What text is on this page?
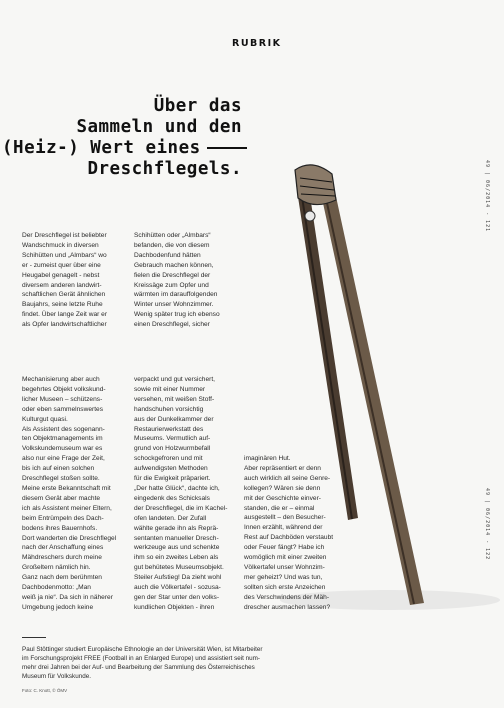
RUBRIK
Über das
Sammeln und den
(Heiz-) Wert eines
Dreschflegels.	49 | 06/2014 - 121
49 | 06/2014 - 122

Der Dreschflegel ist beliebter

Wandschmuck in diversen

Schihütten und „Almbars“ wo

er - zumeist quer über eine

Heugabel genagelt - nebst

diversem anderen landwirt-

schaftlichen Gerät ähnlichen

Baujahrs, seine letzte Ruhe

findet. Über lange Zeit war er

als Opfer landwirtschaftlicher

Schihütten oder „Almbars“

befanden, die von diesem

Dachbodenfund hätten

Gebrauch machen können,

fielen die Dreschflegel der

Kreissäge zum Opfer und

wärmten im darauffolgenden

Winter unser Wohnzimmer.

Wenig später trug ich ebenso

einen Dreschflegel, sicher

Mechanisierung aber auch

begehrtes Objekt volkskund-

licher Museen – schützens-

oder eben sammelnswertes

Kulturgut quasi.

Als Assistent des sogenann-

ten Objektmanagements im

Volkskundemuseum war es

also nur eine Frage der Zeit,

bis ich auf einen solchen

Dreschflegel stoßen sollte.

Meine erste Bekanntschaft mit

diesem Gerät aber machte

ich als Assistent meiner Eltern,

beim Entrümpeln des Dach-

bodens ihres Bauernhofs.

Dort wanderten die Dreschflegel

nach der Anschaffung eines

Mähdreschers durch meine

Großeltern nämlich hin.

Ganz nach dem berühmten

Dachbodenmotto: „Man

weiß ja nie“. Da sich in näherer

Umgebung jedoch keine

verpackt und gut versichert,

sowie mit einer Nummer

versehen, mit weißen Stoff-

handschuhen vorsichtig

aus der Dunkelkammer der

Restaurierwerkstatt des

Museums. Vermutlich auf-

grund von Holzwurmbefall

schockgefroren und mit

aufwendigsten Methoden

für die Ewigkeit präpariert.

„Der hatte Glück“, dachte ich,

eingedenk des Schicksals

der Dreschflegel, die im Kachel-

ofen landeten. Der Zufall

wählte gerade ihn als Reprä-

sentanten manueller Dresch-

werkzeuge aus und schenkte

ihm so ein zweites Leben als

gut behütetes Museumsobjekt.

Steiler Aufstieg! Da zieht wohl

auch die Völkertafel - sozusa-

gen der Star unter den volks-

kundlichen Objekten - ihren

imaginären Hut.

Aber repräsentiert er denn

auch wirklich all seine Genre-

kollegen? Wären sie denn

mit der Geschichte einver-

standen, die er – einmal

ausgestellt – den Besucher-

Innen erzählt, während der

Rest auf Dachböden verstaubt

oder Feuer fängt? Habe ich

womöglich mit einer zweiten

Völkertafel unser Wohnzim-

mer geheizt? Und was tun,

sollten sich erste Anzeichen

des Verschwindens der Mäh-

drescher ausmachen lassen?

Paul Stöttinger studiert Europäische Ethnologie an der Universität Wien, ist Mitarbeiter

im Forschungsprojekt FREE (Football in an Enlarged Europe) und assistiert seit num-

mehr drei Jahren bei der Auf- und Bearbeitung der Sammlung des Österreichisches

Museum für Volkskunde.

Foto: C. Knott, © ÖMV
